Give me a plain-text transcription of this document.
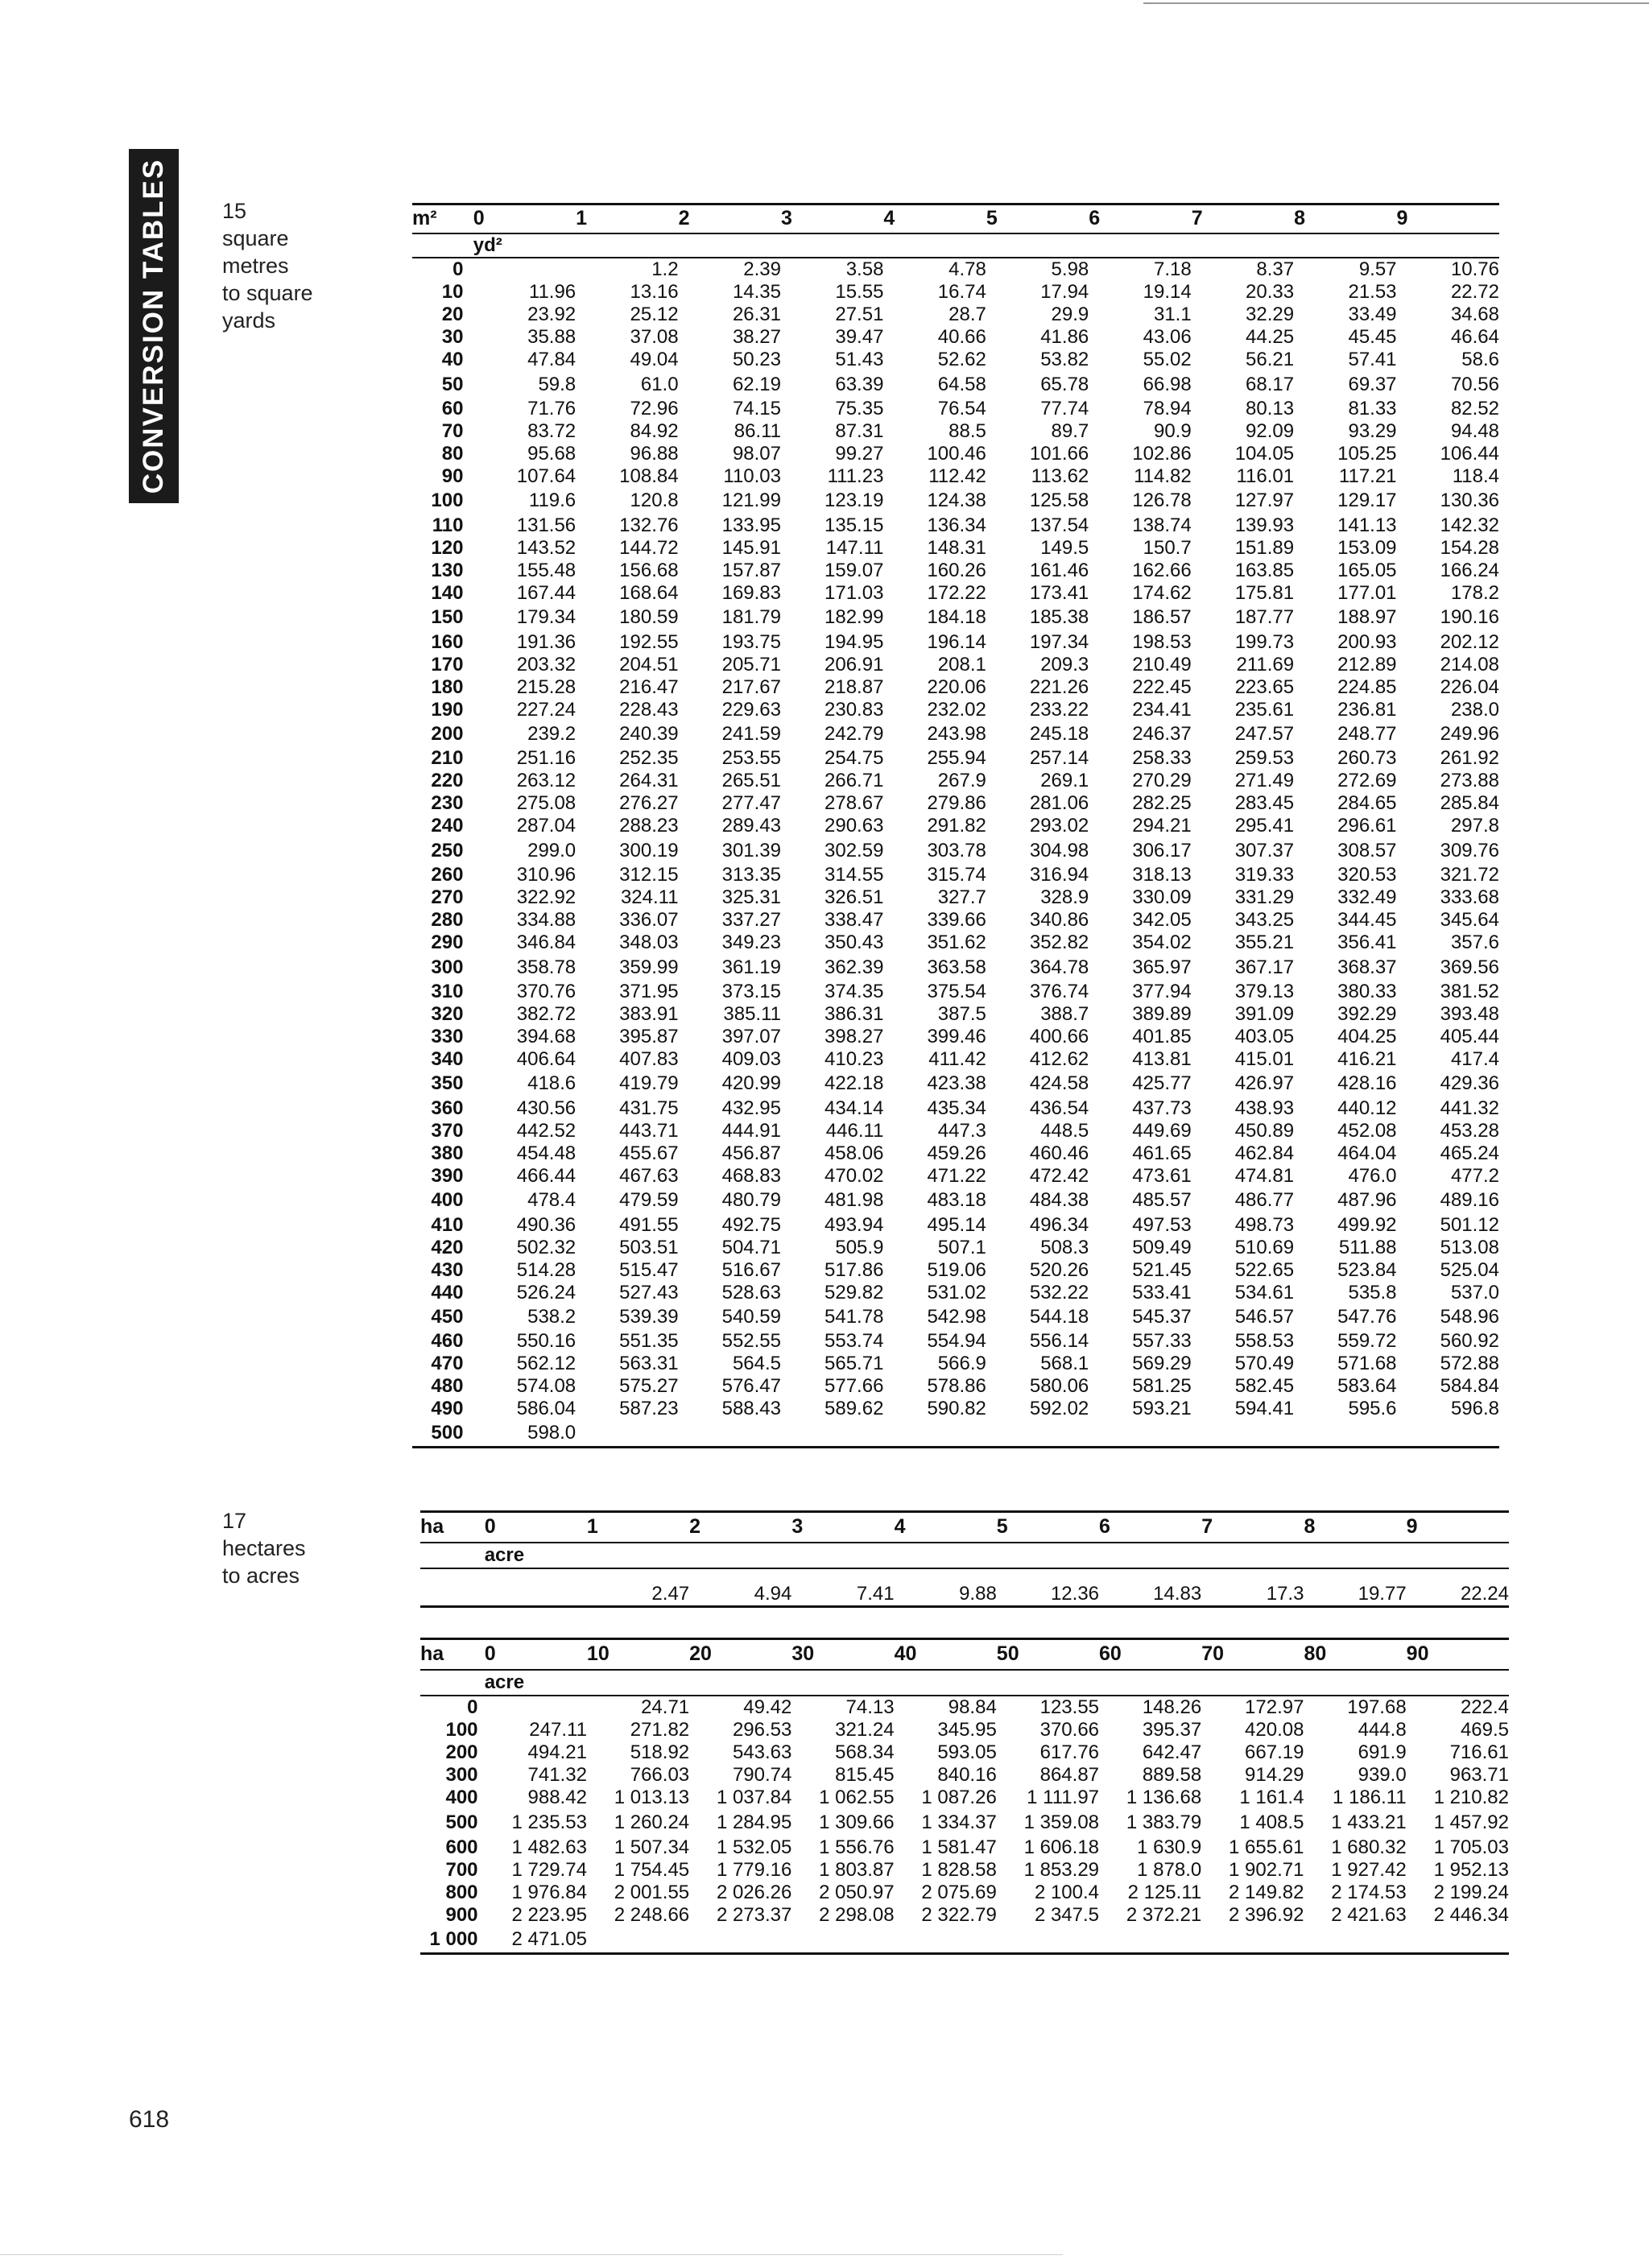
CONVERSION TABLES 15
square
metres
to square
yards
m²		0	1	2	3	4	5	6	7	8	9
		yd²									
0			1.2	2.39	3.58	4.78	5.98	7.18	8.37	9.57	10.76
10		11.96	13.16	14.35	15.55	16.74	17.94	19.14	20.33	21.53	22.72
20		23.92	25.12	26.31	27.51	28.7	29.9	31.1	32.29	33.49	34.68
30		35.88	37.08	38.27	39.47	40.66	41.86	43.06	44.25	45.45	46.64
40		47.84	49.04	50.23	51.43	52.62	53.82	55.02	56.21	57.41	58.6
50		59.8	61.0	62.19	63.39	64.58	65.78	66.98	68.17	69.37	70.56
60		71.76	72.96	74.15	75.35	76.54	77.74	78.94	80.13	81.33	82.52
70		83.72	84.92	86.11	87.31	88.5	89.7	90.9	92.09	93.29	94.48
80		95.68	96.88	98.07	99.27	100.46	101.66	102.86	104.05	105.25	106.44
90		107.64	108.84	110.03	111.23	112.42	113.62	114.82	116.01	117.21	118.4
100		119.6	120.8	121.99	123.19	124.38	125.58	126.78	127.97	129.17	130.36
110		131.56	132.76	133.95	135.15	136.34	137.54	138.74	139.93	141.13	142.32
120		143.52	144.72	145.91	147.11	148.31	149.5	150.7	151.89	153.09	154.28
130		155.48	156.68	157.87	159.07	160.26	161.46	162.66	163.85	165.05	166.24
140		167.44	168.64	169.83	171.03	172.22	173.41	174.62	175.81	177.01	178.2
150		179.34	180.59	181.79	182.99	184.18	185.38	186.57	187.77	188.97	190.16
160		191.36	192.55	193.75	194.95	196.14	197.34	198.53	199.73	200.93	202.12
170		203.32	204.51	205.71	206.91	208.1	209.3	210.49	211.69	212.89	214.08
180		215.28	216.47	217.67	218.87	220.06	221.26	222.45	223.65	224.85	226.04
190		227.24	228.43	229.63	230.83	232.02	233.22	234.41	235.61	236.81	238.0
200		239.2	240.39	241.59	242.79	243.98	245.18	246.37	247.57	248.77	249.96
210		251.16	252.35	253.55	254.75	255.94	257.14	258.33	259.53	260.73	261.92
220		263.12	264.31	265.51	266.71	267.9	269.1	270.29	271.49	272.69	273.88
230		275.08	276.27	277.47	278.67	279.86	281.06	282.25	283.45	284.65	285.84
240		287.04	288.23	289.43	290.63	291.82	293.02	294.21	295.41	296.61	297.8
250		299.0	300.19	301.39	302.59	303.78	304.98	306.17	307.37	308.57	309.76
260		310.96	312.15	313.35	314.55	315.74	316.94	318.13	319.33	320.53	321.72
270		322.92	324.11	325.31	326.51	327.7	328.9	330.09	331.29	332.49	333.68
280		334.88	336.07	337.27	338.47	339.66	340.86	342.05	343.25	344.45	345.64
290		346.84	348.03	349.23	350.43	351.62	352.82	354.02	355.21	356.41	357.6
300		358.78	359.99	361.19	362.39	363.58	364.78	365.97	367.17	368.37	369.56
310		370.76	371.95	373.15	374.35	375.54	376.74	377.94	379.13	380.33	381.52
320		382.72	383.91	385.11	386.31	387.5	388.7	389.89	391.09	392.29	393.48
330		394.68	395.87	397.07	398.27	399.46	400.66	401.85	403.05	404.25	405.44
340		406.64	407.83	409.03	410.23	411.42	412.62	413.81	415.01	416.21	417.4
350		418.6	419.79	420.99	422.18	423.38	424.58	425.77	426.97	428.16	429.36
360		430.56	431.75	432.95	434.14	435.34	436.54	437.73	438.93	440.12	441.32
370		442.52	443.71	444.91	446.11	447.3	448.5	449.69	450.89	452.08	453.28
380		454.48	455.67	456.87	458.06	459.26	460.46	461.65	462.84	464.04	465.24
390		466.44	467.63	468.83	470.02	471.22	472.42	473.61	474.81	476.0	477.2
400		478.4	479.59	480.79	481.98	483.18	484.38	485.57	486.77	487.96	489.16
410		490.36	491.55	492.75	493.94	495.14	496.34	497.53	498.73	499.92	501.12
420		502.32	503.51	504.71	505.9	507.1	508.3	509.49	510.69	511.88	513.08
430		514.28	515.47	516.67	517.86	519.06	520.26	521.45	522.65	523.84	525.04
440		526.24	527.43	528.63	529.82	531.02	532.22	533.41	534.61	535.8	537.0
450		538.2	539.39	540.59	541.78	542.98	544.18	545.37	546.57	547.76	548.96
460		550.16	551.35	552.55	553.74	554.94	556.14	557.33	558.53	559.72	560.92
470		562.12	563.31	564.5	565.71	566.9	568.1	569.29	570.49	571.68	572.88
480		574.08	575.27	576.47	577.66	578.86	580.06	581.25	582.45	583.64	584.84
490		586.04	587.23	588.43	589.62	590.82	592.02	593.21	594.41	595.6	596.8
500		598.0									
17
hectares
to acres
ha		0	1	2	3	4	5	6	7	8	9
		acre									
			2.47	4.94	7.41	9.88	12.36	14.83	17.3	19.77	22.24
ha		0	10	20	30	40	50	60	70	80	90
		acre									
0			24.71	49.42	74.13	98.84	123.55	148.26	172.97	197.68	222.4
100		247.11	271.82	296.53	321.24	345.95	370.66	395.37	420.08	444.8	469.5
200		494.21	518.92	543.63	568.34	593.05	617.76	642.47	667.19	691.9	716.61
300		741.32	766.03	790.74	815.45	840.16	864.87	889.58	914.29	939.0	963.71
400		988.42	1 013.13	1 037.84	1 062.55	1 087.26	1 111.97	1 136.68	1 161.4	1 186.11	1 210.82
500		1 235.53	1 260.24	1 284.95	1 309.66	1 334.37	1 359.08	1 383.79	1 408.5	1 433.21	1 457.92
600		1 482.63	1 507.34	1 532.05	1 556.76	1 581.47	1 606.18	1 630.9	1 655.61	1 680.32	1 705.03
700		1 729.74	1 754.45	1 779.16	1 803.87	1 828.58	1 853.29	1 878.0	1 902.71	1 927.42	1 952.13
800		1 976.84	2 001.55	2 026.26	2 050.97	2 075.69	2 100.4	2 125.11	2 149.82	2 174.53	2 199.24
900		2 223.95	2 248.66	2 273.37	2 298.08	2 322.79	2 347.5	2 372.21	2 396.92	2 421.63	2 446.34
1 000		2 471.05									
618
